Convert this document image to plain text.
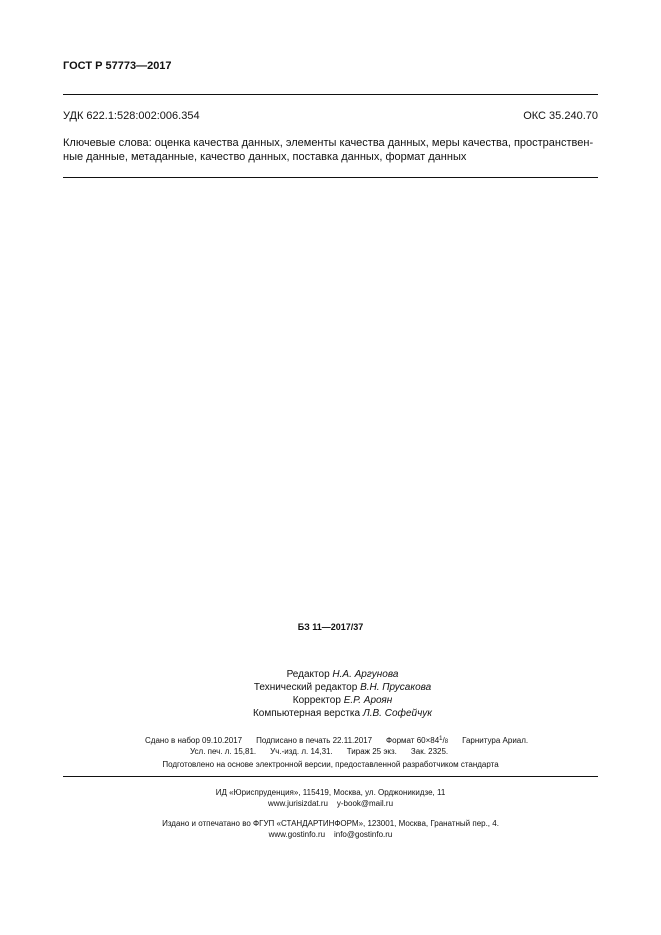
ГОСТ Р 57773—2017
УДК 622.1:528:002:006.354	ОКС 35.240.70
Ключевые слова: оценка качества данных, элементы качества данных, меры качества, пространствен-
ные данные, метаданные, качество данных, поставка данных, формат данных
БЗ 11—2017/37
Редактор Н.А. Аргунова
Технический редактор В.Н. Прусакова
Корректор Е.Р. Ароян
Компьютерная верстка Л.В. Софейчук
Сдано в набор 09.10.2017 Подписано в печать 22.11.2017 Формат $60\times 84^1/_8$ Гарнитура Ариал.
Усл. печ. л. 15,81. Уч.-изд. л. 14,31. Тираж 25 экз. Зак. 2325.
Подготовлено на основе электронной версии, предоставленной разработчиком стандарта
ИД «Юриспруденция», 115419, Москва, ул. Орджоникидзе, 11
www.jurisizdat.ru    y-book@mail.ru
Издано и отпечатано во ФГУП «СТАНДАРТИНФОРМ», 123001, Москва, Гранатный пер., 4.
www.gostinfo.ru    info@gostinfo.ru
